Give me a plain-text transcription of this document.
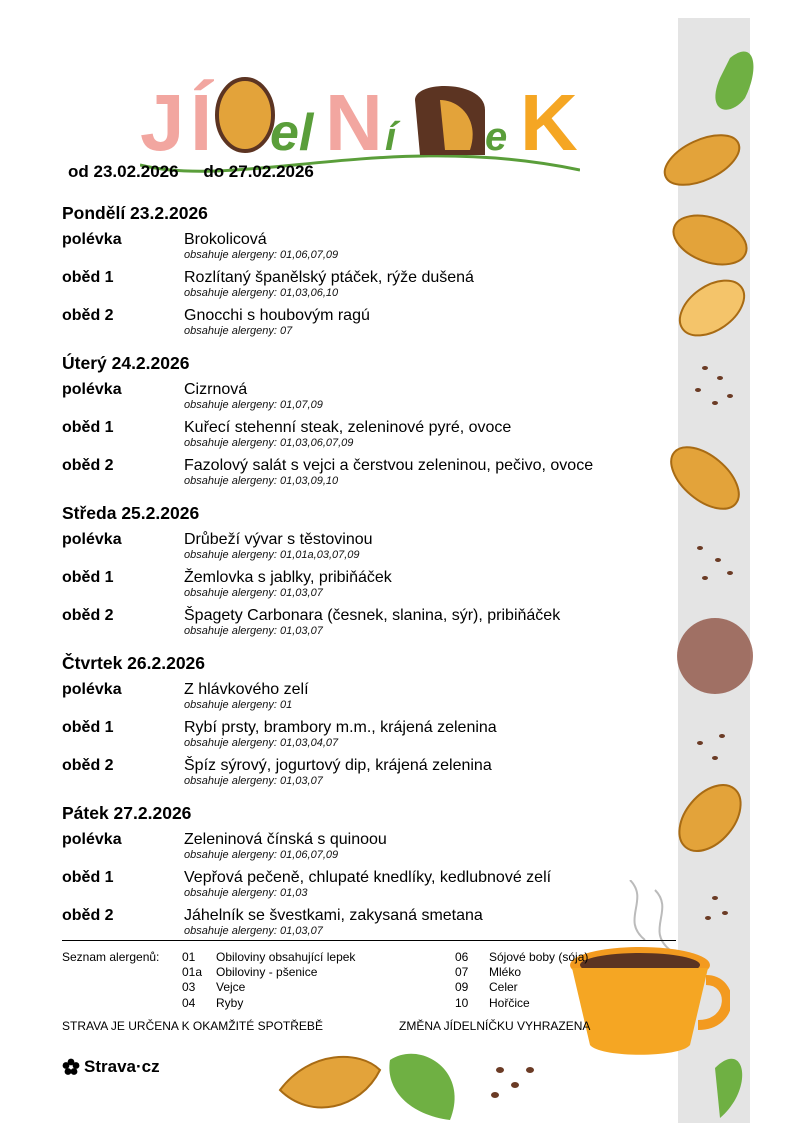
J Í el N í e K
od 23.02.2026 do 27.02.2026
Pondělí 23.2.2026
polévka	Brokolicová
obsahuje alergeny: 01,06,07,09
oběd 1	Rozlítaný španělský ptáček, rýže dušená
obsahuje alergeny: 01,03,06,10
oběd 2	Gnocchi s houbovým ragú
obsahuje alergeny: 07
Úterý 24.2.2026
polévka	Cizrnová
obsahuje alergeny: 01,07,09
oběd 1	Kuřecí stehenní steak, zeleninové pyré, ovoce
obsahuje alergeny: 01,03,06,07,09
oběd 2	Fazolový salát s vejci a čerstvou zeleninou, pečivo, ovoce
obsahuje alergeny: 01,03,09,10
Středa 25.2.2026
polévka	Drůbeží vývar s těstovinou
obsahuje alergeny: 01,01a,03,07,09
oběd 1	Žemlovka s jablky, pribiňáček
obsahuje alergeny: 01,03,07
oběd 2	Špagety Carbonara (česnek, slanina, sýr), pribiňáček
obsahuje alergeny: 01,03,07
Čtvrtek 26.2.2026
polévka	Z hlávkového zelí
obsahuje alergeny: 01
oběd 1	Rybí prsty, brambory m.m., krájená zelenina
obsahuje alergeny: 01,03,04,07
oběd 2	Špíz sýrový, jogurtový dip, krájená zelenina
obsahuje alergeny: 01,03,07
Pátek 27.2.2026
polévka	Zeleninová čínská s quinoou
obsahuje alergeny: 01,06,07,09
oběd 1	Vepřová pečeně, chlupaté knedlíky, kedlubnové zelí
obsahuje alergeny: 01,03
oběd 2	Jáhelník se švestkami, zakysaná smetana
obsahuje alergeny: 01,03,07
Seznam alergenů: 01 Obiloviny obsahující lepek
01a Obiloviny - pšenice
03 Vejce
04 Ryby
06 Sójové boby (sója)
07 Mléko
09 Celer
10 Hořčice
STRAVA JE URČENA K OKAMŽITÉ SPOTŘEBĚ	ZMĚNA JÍDELNÍČKU VYHRAZENA
Strava·cz
